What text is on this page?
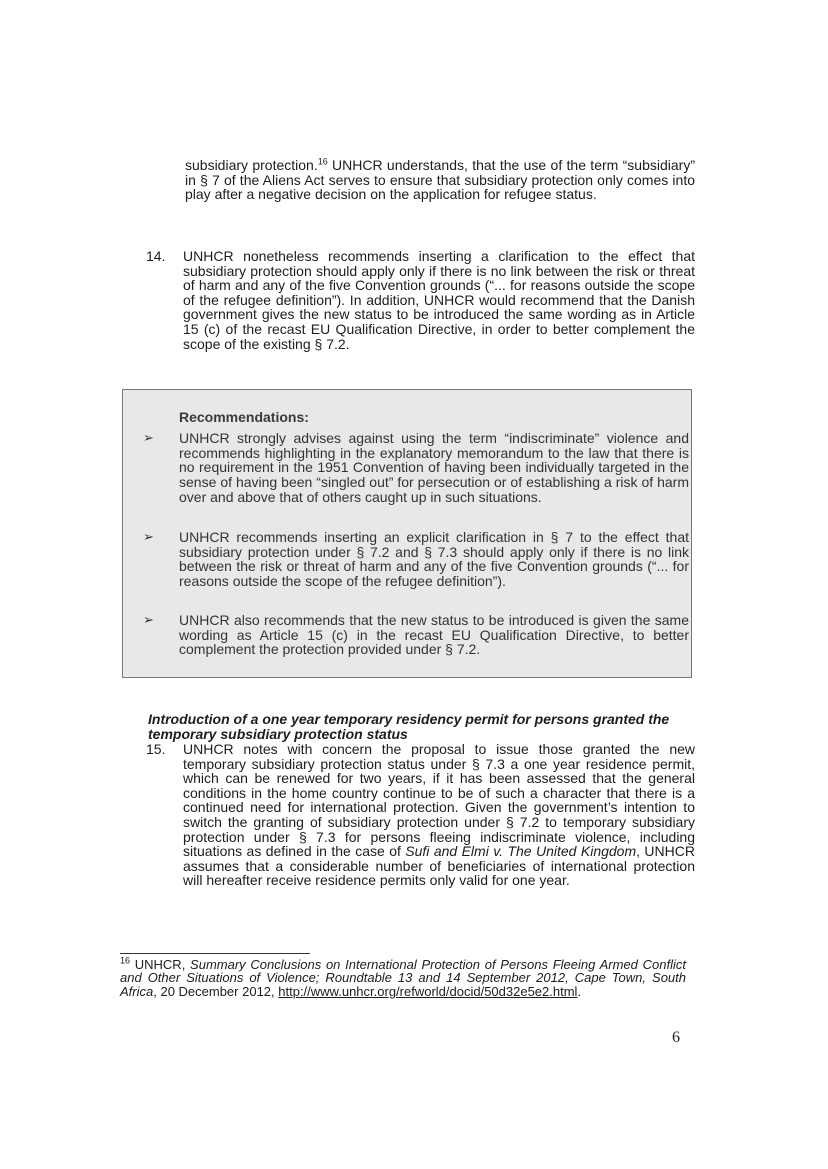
subsidiary protection.$^{16}$ UNHCR understands, that the use of the term “subsidiary” in § 7 of the Aliens Act serves to ensure that subsidiary protection only comes into play after a negative decision on the application for refugee status.

14.	UNHCR nonetheless recommends inserting a clarification to the effect that subsidiary protection should apply only if there is no link between the risk or threat of harm and any of the five Convention grounds (“... for reasons outside the scope of the refugee definition”). In addition, UNHCR would recommend that the Danish government gives the new status to be introduced the same wording as in Article 15 (c) of the recast EU Qualification Directive, in order to better complement the scope of the existing § 7.2.

Recommendations:
➢ UNHCR strongly advises against using the term “indiscriminate” violence and recommends highlighting in the explanatory memorandum to the law that there is no requirement in the 1951 Convention of having been individually targeted in the sense of having been “singled out” for persecution or of establishing a risk of harm over and above that of others caught up in such situations.

➢ UNHCR recommends inserting an explicit clarification in § 7 to the effect that subsidiary protection under § 7.2 and § 7.3 should apply only if there is no link between the risk or threat of harm and any of the five Convention grounds (“... for reasons outside the scope of the refugee definition”).

➢ UNHCR also recommends that the new status to be introduced is given the same wording as Article 15 (c) in the recast EU Qualification Directive, to better complement the protection provided under § 7.2.

Introduction of a one year temporary residency permit for persons granted the temporary subsidiary protection status
15.	UNHCR notes with concern the proposal to issue those granted the new temporary subsidiary protection status under § 7.3 a one year residence permit, which can be renewed for two years, if it has been assessed that the general conditions in the home country continue to be of such a character that there is a continued need for international protection. Given the government’s intention to switch the granting of subsidiary protection under § 7.2 to temporary subsidiary protection under § 7.3 for persons fleeing indiscriminate violence, including situations as defined in the case of Sufi and Elmi v. The United Kingdom, UNHCR assumes that a considerable number of beneficiaries of international protection will hereafter receive residence permits only valid for one year.

$^{16}$ UNHCR, Summary Conclusions on International Protection of Persons Fleeing Armed Conflict and Other Situations of Violence; Roundtable 13 and 14 September 2012, Cape Town, South Africa, 20 December 2012, http://www.unhcr.org/refworld/docid/50d32e5e2.html.

6
